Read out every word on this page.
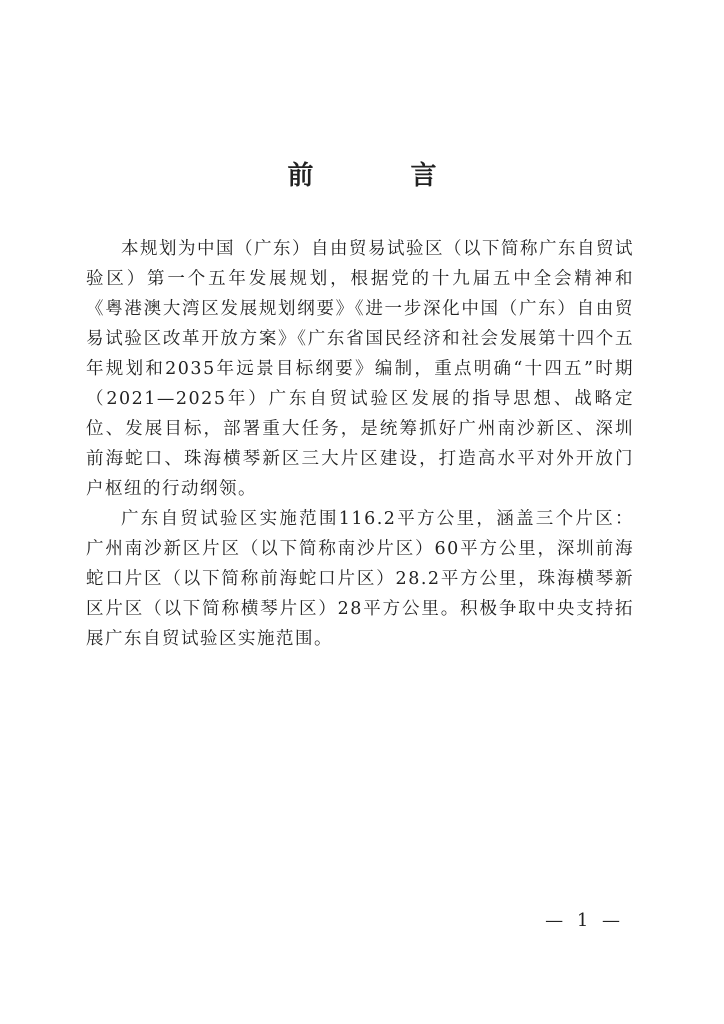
前 言

本规划为中国（广东）自由贸易试验区（以下简称广东自贸试验区）第一个五年发展规划，根据党的十九届五中全会精神和《粤港澳大湾区发展规划纲要》《进一步深化中国（广东）自由贸易试验区改革开放方案》《广东省国民经济和社会发展第十四个五年规划和2035年远景目标纲要》编制，重点明确“十四五”时期（2021—2025年）广东自贸试验区发展的指导思想、战略定位、发展目标，部署重大任务，是统筹抓好广州南沙新区、深圳前海蛇口、珠海横琴新区三大片区建设，打造高水平对外开放门户枢纽的行动纲领。

广东自贸试验区实施范围116.2平方公里，涵盖三个片区：广州南沙新区片区（以下简称南沙片区）60平方公里，深圳前海蛇口片区（以下简称前海蛇口片区）28.2平方公里，珠海横琴新区片区（以下简称横琴片区）28平方公里。积极争取中央支持拓展广东自贸试验区实施范围。

— 1 —
